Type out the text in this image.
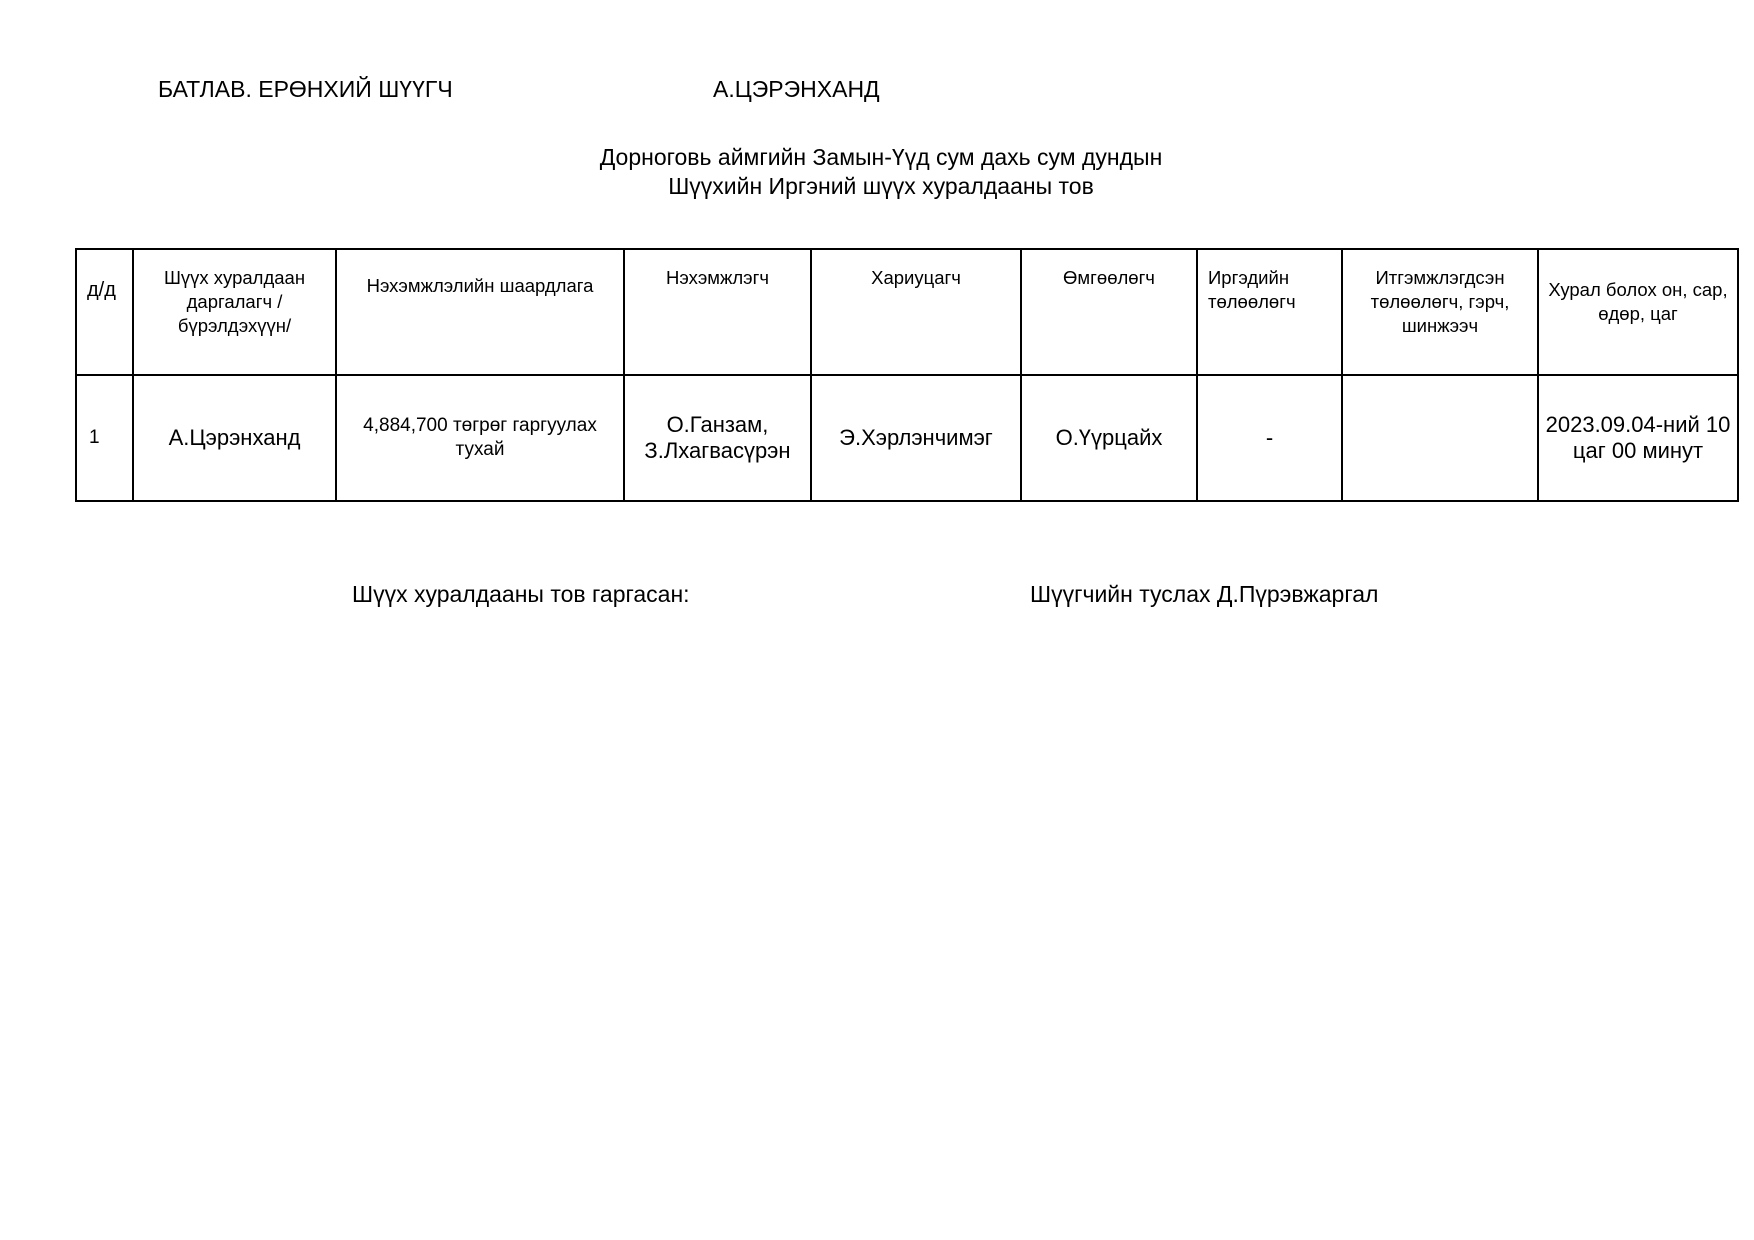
БАТЛАВ. ЕРӨНХИЙ ШҮҮГЧ	А.ЦЭРЭНХАНД
Дорноговь аймгийн Замын-Үүд сум дахь сум дундын
Шүүхийн Иргэний шүүх хуралдааны тов
д/д	Шүүх хуралдаан даргалагч /бүрэлдэхүүн/	Нэхэмжлэлийн шаардлага	Нэхэмжлэгч	Хариуцагч	Өмгөөлөгч	Иргэдийн төлөөлөгч	Итгэмжлэгдсэн төлөөлөгч, гэрч, шинжээч	Хурал болох он, сар, өдөр, цаг
1	А.Цэрэнханд	4,884,700 төгрөг гаргуулах тухай	О.Ганзам, З.Лхагвасүрэн	Э.Хэрлэнчимэг	О.Үүрцайх	-		2023.09.04-ний 10 цаг 00 минут
Шүүх хуралдааны тов гаргасан:	Шүүгчийн туслах Д.Пүрэвжаргал
